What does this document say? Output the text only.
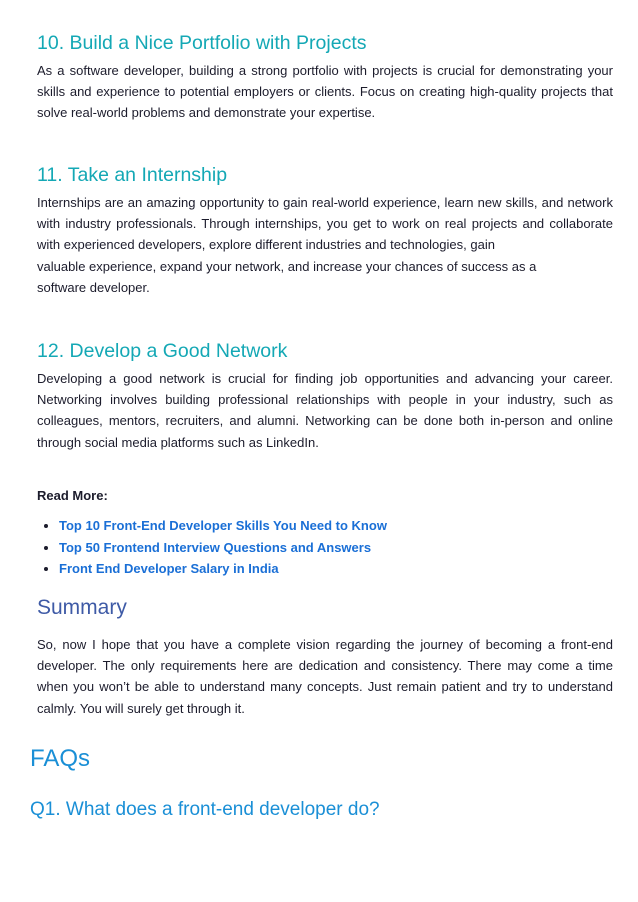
10. Build a Nice Portfolio with Projects

As a software developer, building a strong portfolio with projects is crucial for demonstrating your skills and experience to potential employers or clients. Focus on creating high-quality projects that solve real-world problems and demonstrate your expertise.

11. Take an Internship

Internships are an amazing opportunity to gain real-world experience, learn new skills, and network with industry professionals. Through internships, you get to work on real projects and collaborate with experienced developers, explore different industries and technologies, gain
valuable experience, expand your network, and increase your chances of success as a
software developer.

12. Develop a Good Network

Developing a good network is crucial for finding job opportunities and advancing your career. Networking involves building professional relationships with people in your industry, such as colleagues, mentors, recruiters, and alumni. Networking can be done both in-person and online through social media platforms such as LinkedIn.

Read More:

• Top 10 Front-End Developer Skills You Need to Know
• Top 50 Frontend Interview Questions and Answers
• Front End Developer Salary in India
Summary

So, now I hope that you have a complete vision regarding the journey of becoming a front-end developer. The only requirements here are dedication and consistency. There may come a time when you won’t be able to understand many concepts. Just remain patient and try to understand calmly. You will surely get through it.

FAQs
Q1. What does a front-end developer do?
